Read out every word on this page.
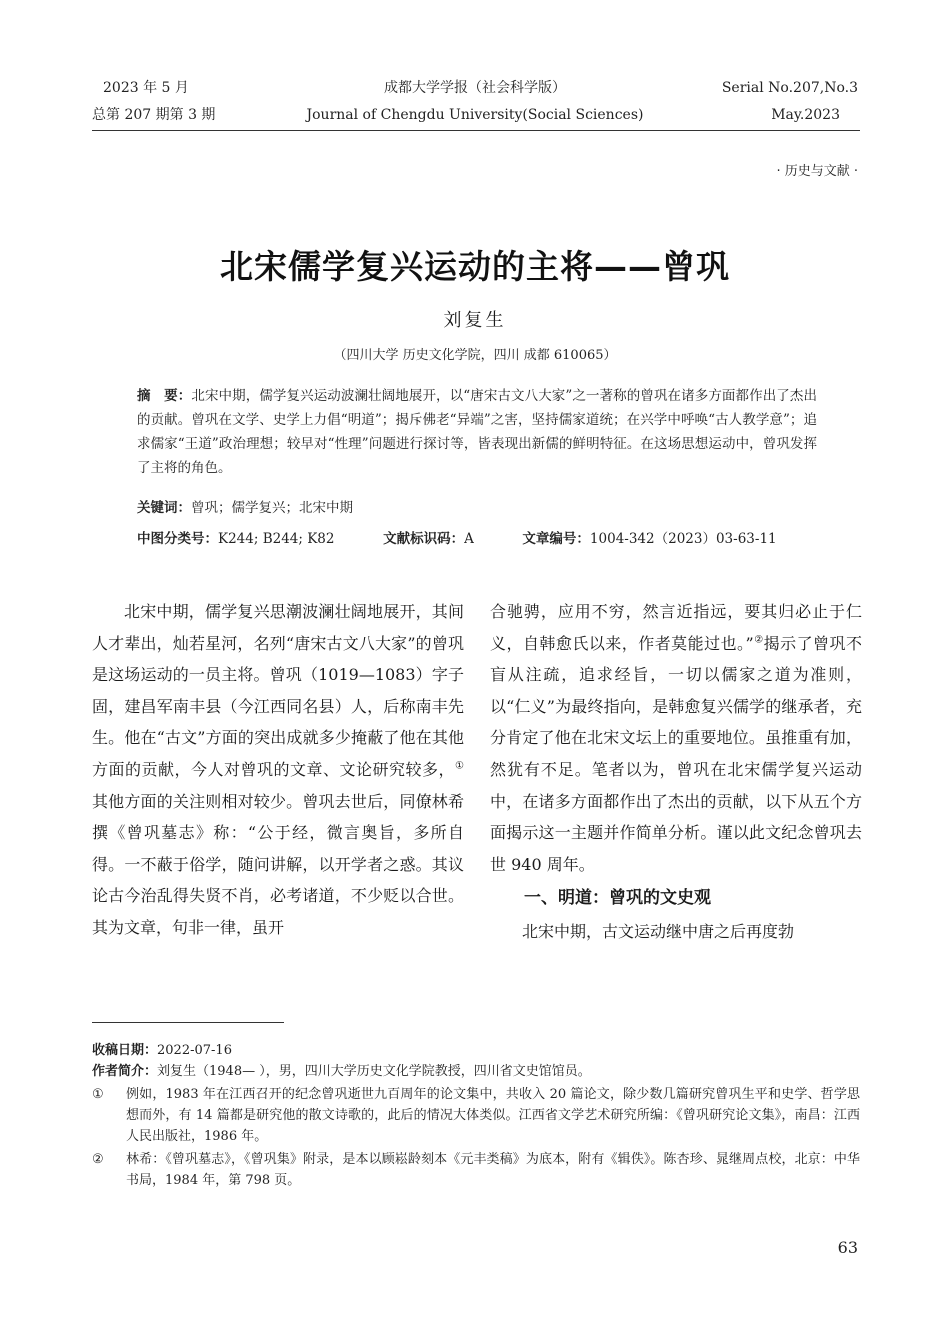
2023 年 5 月
总第 207 期第 3 期
成都大学学报（社会科学版）
Journal of Chengdu University(Social Sciences)
Serial No.207,No.3
May.2023
· 历史与文献 ·
北宋儒学复兴运动的主将——曾巩
刘复生
（四川大学 历史文化学院，四川 成都 610065）
摘　要：北宋中期，儒学复兴运动波澜壮阔地展开，以“唐宋古文八大家”之一著称的曾巩在诸多方面都作出了杰出的贡献。曾巩在文学、史学上力倡“明道”；揭斥佛老“异端”之害，坚持儒家道统；在兴学中呼唤“古人教学意”；追求儒家“王道”政治理想；较早对“性理”问题进行探讨等，皆表现出新儒的鲜明特征。在这场思想运动中，曾巩发挥了主将的角色。
关键词：曾巩；儒学复兴；北宋中期
中图分类号：K244; B244; K82	文献标识码：A	文章编号：1004-342（2023）03-63-11

北宋中期，儒学复兴思潮波澜壮阔地展开，其间人才辈出，灿若星河，名列“唐宋古文八大家”的曾巩是这场运动的一员主将。曾巩（1019—1083）字子固，建昌军南丰县（今江西同名县）人，后称南丰先生。他在“古文”方面的突出成就多少掩蔽了他在其他方面的贡献，今人对曾巩的文章、文论研究较多，①其他方面的关注则相对较少。曾巩去世后，同僚林希撰《曾巩墓志》称：“公于经，微言奥旨，多所自得。一不蔽于俗学，随问讲解，以开学者之惑。其议论古今治乱得失贤不肖，必考诸道，不少贬以合世。其为文章，句非一律，虽开

合驰骋，应用不穷，然言近指远，要其归必止于仁义，自韩愈氏以来，作者莫能过也。”②揭示了曾巩不盲从注疏，追求经旨，一切以儒家之道为准则，以“仁义”为最终指向，是韩愈复兴儒学的继承者，充分肯定了他在北宋文坛上的重要地位。虽推重有加，然犹有不足。笔者以为，曾巩在北宋儒学复兴运动中，在诸多方面都作出了杰出的贡献，以下从五个方面揭示这一主题并作简单分析。谨以此文纪念曾巩去世 940 周年。

一、明道：曾巩的文史观

北宋中期，古文运动继中唐之后再度勃

收稿日期：2022-07-16
作者简介：刘复生（1948— ），男，四川大学历史文化学院教授，四川省文史馆馆员。
① 例如，1983 年在江西召开的纪念曾巩逝世九百周年的论文集中，共收入 20 篇论文，除少数几篇研究曾巩生平和史学、哲学思想而外，有 14 篇都是研究他的散文诗歌的，此后的情况大体类似。江西省文学艺术研究所编：《曾巩研究论文集》，南昌：江西人民出版社，1986 年。
② 林希：《曾巩墓志》，《曾巩集》附录，是本以顾崧龄刻本《元丰类稿》为底本，附有《辑佚》。陈杏珍、晁继周点校，北京：中华书局，1984 年，第 798 页。
63
